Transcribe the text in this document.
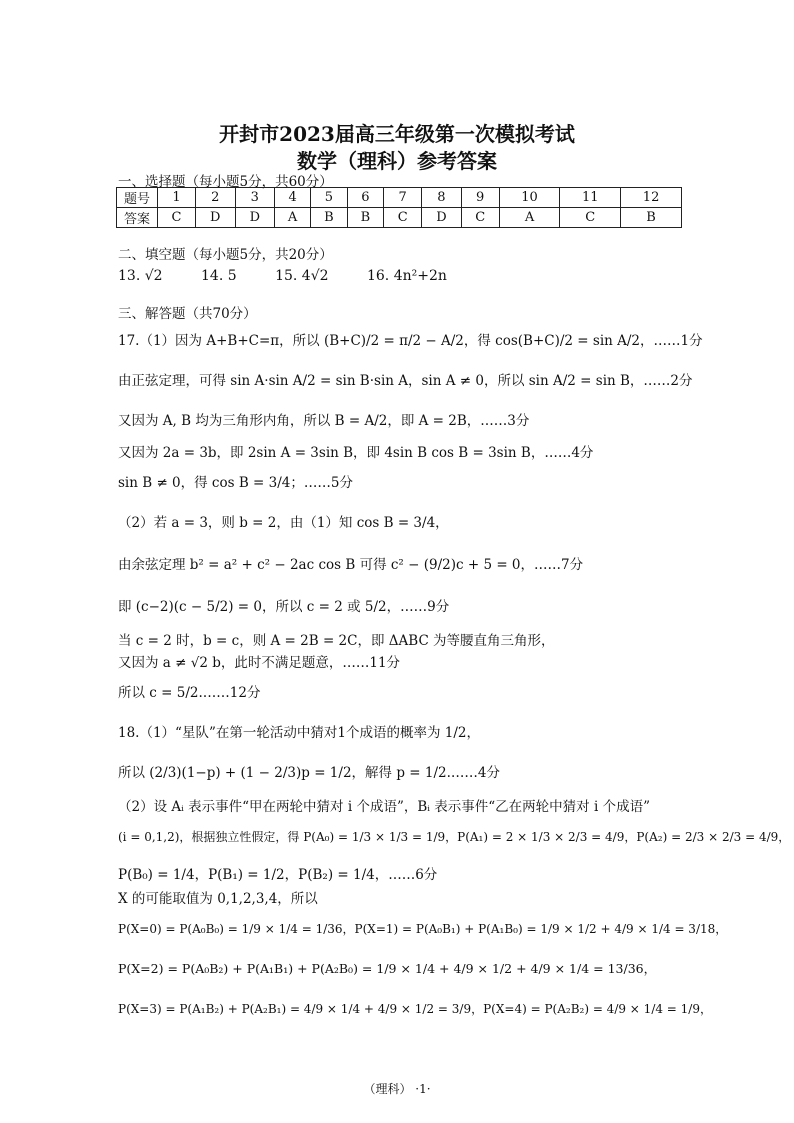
开封市2023届高三年级第一次模拟考试
数学（理科）参考答案
一、选择题（每小题5分，共60分）
题号	1	2	3	4	5	6	7	8	9	10	11	12
答案	C	D	D	A	B	B	C	D	C	A	C	B
二、填空题（每小题5分，共20分）
13. √2	14. 5	15. 4√2	16. 4n²+2n
三、解答题（共70分）
17.（1）因为 A+B+C=π，所以 (B+C)/2 = π/2 − A/2，得 cos(B+C)/2 = sin A/2，……1分
由正弦定理，可得 sin A·sin A/2 = sin B·sin A，sin A ≠ 0，所以 sin A/2 = sin B，……2分
又因为 A, B 均为三角形内角，所以 B = A/2，即 A = 2B，……3分
又因为 2a = 3b，即 2sin A = 3sin B，即 4sin B cos B = 3sin B，……4分
sin B ≠ 0，得 cos B = 3/4；……5分
（2）若 a = 3，则 b = 2，由（1）知 cos B = 3/4，
由余弦定理 b² = a² + c² − 2ac cos B 可得 c² − (9/2)c + 5 = 0，……7分
即 (c−2)(c − 5/2) = 0，所以 c = 2 或 5/2，……9分
当 c = 2 时，b = c，则 A = 2B = 2C，即 ΔABC 为等腰直角三角形，
又因为 a ≠ √2 b，此时不满足题意，……11分
所以 c = 5/2.……12分
18.（1）“星队”在第一轮活动中猜对1个成语的概率为 1/2，
所以 (2/3)(1−p) + (1 − 2/3)p = 1/2，解得 p = 1/2.……4分
（2）设 Aᵢ 表示事件“甲在两轮中猜对 i 个成语”，Bᵢ 表示事件“乙在两轮中猜对 i 个成语”
(i = 0,1,2)，根据独立性假定，得 P(A₀) = 1/3 × 1/3 = 1/9，P(A₁) = 2 × 1/3 × 2/3 = 4/9，P(A₂) = 2/3 × 2/3 = 4/9，
P(B₀) = 1/4，P(B₁) = 1/2，P(B₂) = 1/4，……6分
X 的可能取值为 0,1,2,3,4，所以
P(X=0) = P(A₀B₀) = 1/9 × 1/4 = 1/36，P(X=1) = P(A₀B₁) + P(A₁B₀) = 1/9 × 1/2 + 4/9 × 1/4 = 3/18，
P(X=2) = P(A₀B₂) + P(A₁B₁) + P(A₂B₀) = 1/9 × 1/4 + 4/9 × 1/2 + 4/9 × 1/4 = 13/36，
P(X=3) = P(A₁B₂) + P(A₂B₁) = 4/9 × 1/4 + 4/9 × 1/2 = 3/9，P(X=4) = P(A₂B₂) = 4/9 × 1/4 = 1/9，
（理科） ·1·
